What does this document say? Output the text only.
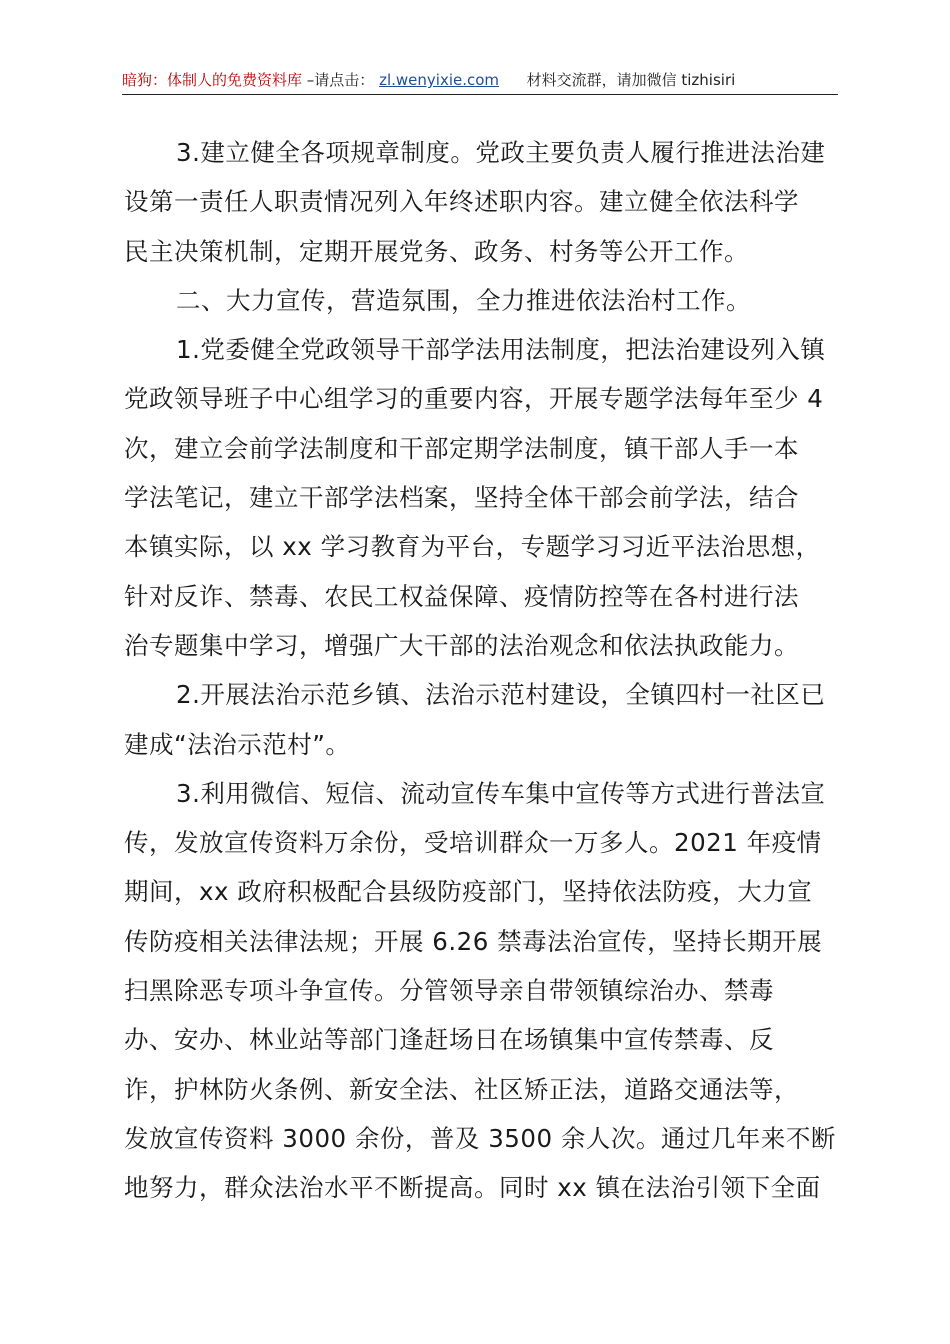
暗狗：体制人的免费资料库 –请点击： zl.wenyixie.com 材料交流群，请加微信 tizhisiri
3.建立健全各项规章制度。党政主要负责人履行推进法治建
设第一责任人职责情况列入年终述职内容。建立健全依法科学
民主决策机制，定期开展党务、政务、村务等公开工作。
二、大力宣传，营造氛围，全力推进依法治村工作。
1.党委健全党政领导干部学法用法制度，把法治建设列入镇
党政领导班子中心组学习的重要内容，开展专题学法每年至少 4
次，建立会前学法制度和干部定期学法制度，镇干部人手一本
学法笔记，建立干部学法档案，坚持全体干部会前学法，结合
本镇实际，以 xx 学习教育为平台，专题学习习近平法治思想，
针对反诈、禁毒、农民工权益保障、疫情防控等在各村进行法
治专题集中学习，增强广大干部的法治观念和依法执政能力。
2.开展法治示范乡镇、法治示范村建设，全镇四村一社区已
建成“法治示范村”。
3.利用微信、短信、流动宣传车集中宣传等方式进行普法宣
传，发放宣传资料万余份，受培训群众一万多人。2021 年疫情
期间，xx 政府积极配合县级防疫部门，坚持依法防疫，大力宣
传防疫相关法律法规；开展 6.26 禁毒法治宣传，坚持长期开展
扫黑除恶专项斗争宣传。分管领导亲自带领镇综治办、禁毒
办、安办、林业站等部门逢赶场日在场镇集中宣传禁毒、反
诈，护林防火条例、新安全法、社区矫正法，道路交通法等，
发放宣传资料 3000 余份，普及 3500 余人次。通过几年来不断
地努力，群众法治水平不断提高。同时 xx 镇在法治引领下全面
